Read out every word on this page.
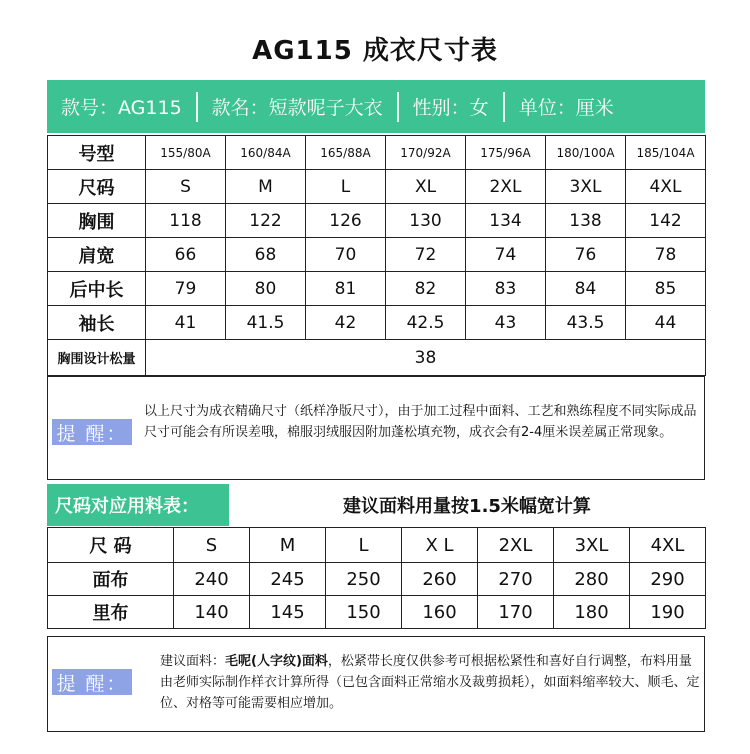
AG115 成衣尺寸表
款号：AG115	款名：短款呢子大衣	性别：女	单位：厘米
号型	155/80A	160/84A	165/88A	170/92A	175/96A	180/100A	185/104A
尺码	S	M	L	XL	2XL	3XL	4XL
胸围	118	122	126	130	134	138	142
肩宽	66	68	70	72	74	76	78
后中长	79	80	81	82	83	84	85
袖长	41	41.5	42	42.5	43	43.5	44
胸围设计松量	38						
提 醒：
以上尺寸为成衣精确尺寸（纸样净版尺寸），由于加工过程中面料、工艺和熟练程度不同实际成品尺寸可能会有所误差哦，棉服羽绒服因附加蓬松填充物，成衣会有2-4厘米误差属正常现象。
尺码对应用料表：	建议面料用量按1.5米幅宽计算
尺 码	S	M	L	X L	2XL	3XL	4XL
面布	240	245	250	260	270	280	290
里布	140	145	150	160	170	180	190
提 醒：
建议面料：毛呢(人字纹)面料，松紧带长度仅供参考可根据松紧性和喜好自行调整，布料用量由老师实际制作样衣计算所得（已包含面料正常缩水及裁剪损耗），如面料缩率较大、顺毛、定位、对格等可能需要相应增加。
